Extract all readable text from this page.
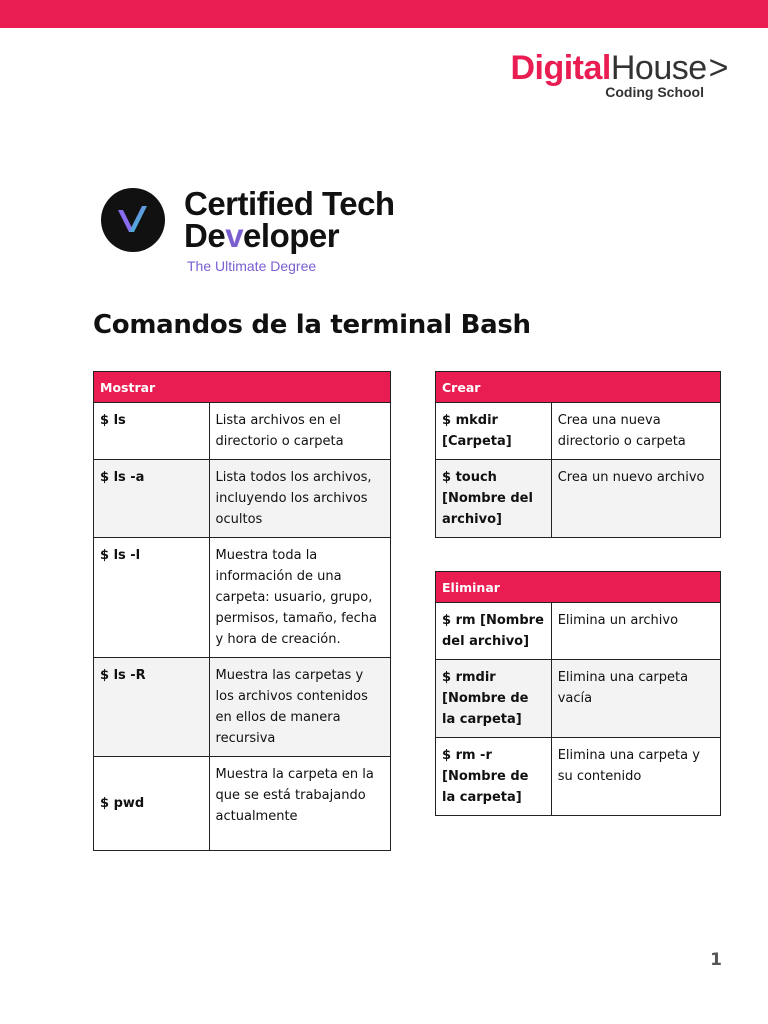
DigitalHouse>
Coding School
Certified Tech
Developer
The Ultimate Degree
Comandos de la terminal Bash
Mostrar	
$ ls	Lista archivos en el directorio o carpeta
$ ls -a	Lista todos los archivos, incluyendo los archivos ocultos
$ ls -l	Muestra toda la información de una carpeta: usuario, grupo, permisos, tamaño, fecha y hora de creación.
$ ls -R	Muestra las carpetas y los archivos contenidos en ellos de manera recursiva
$ pwd	Muestra la carpeta en la que se está trabajando actualmente
Crear	
$ mkdir [Carpeta]	Crea una nueva directorio o carpeta
$ touch [Nombre del archivo]	Crea un nuevo archivo
Eliminar	
$ rm [Nombre del archivo]	Elimina un archivo
$ rmdir [Nombre de la carpeta]	Elimina una carpeta vacía
$ rm -r [Nombre de la carpeta]	Elimina una carpeta y su contenido
1
